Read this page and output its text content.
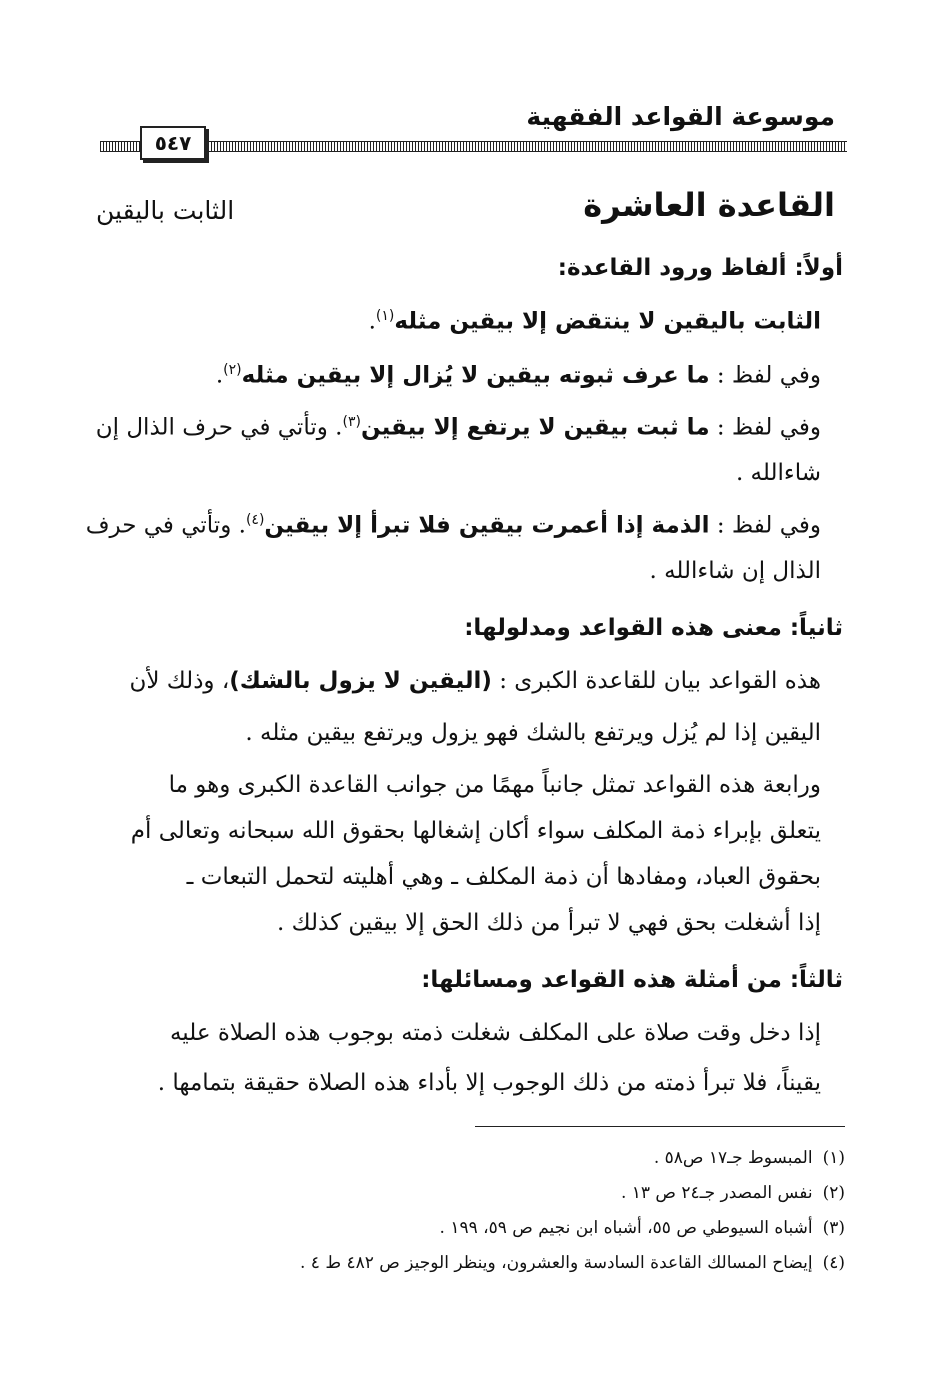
موسوعة القواعد الفقهية
٥٤٧
القاعدة العاشرة
الثابت باليقين
أولاً: ألفاظ ورود القاعدة:
الثابت باليقين لا ينتقض إلا بيقين مثله$^{(١)}$.
وفي لفظ : ما عرف ثبوته بيقين لا يُزال إلا بيقين مثله$^{(٢)}$.
وفي لفظ : ما ثبت بيقين لا يرتفع إلا بيقين$^{(٣)}$. وتأتي في حرف الذال إن
شاءالله .
وفي لفظ : الذمة إذا أعمرت بيقين فلا تبرأ إلا بيقين$^{(٤)}$. وتأتي في حرف
الذال إن شاءالله .
ثانياً: معنى هذه القواعد ومدلولها:
هذه القواعد بيان للقاعدة الكبرى : (اليقين لا يزول بالشك)، وذلك لأن
اليقين إذا لم يُزل ويرتفع بالشك فهو يزول ويرتفع بيقين مثله .
ورابعة هذه القواعد تمثل جانباً مهمًا من جوانب القاعدة الكبرى وهو ما
يتعلق بإبراء ذمة المكلف سواء أكان إشغالها بحقوق الله سبحانه وتعالى أم
بحقوق العباد، ومفادها أن ذمة المكلف ـ وهي أهليته لتحمل التبعات ـ
إذا أشغلت بحق فهي لا تبرأ من ذلك الحق إلا بيقين كذلك .
ثالثاً: من أمثلة هذه القواعد ومسائلها:
إذا دخل وقت صلاة على المكلف شغلت ذمته بوجوب هذه الصلاة عليه
يقيناً، فلا تبرأ ذمته من ذلك الوجوب إلا بأداء هذه الصلاة حقيقة بتمامها .
(١)المبسوط جـ١٧ ص٥٨ .
(٢)نفس المصدر جـ٢٤ ص ١٣ .
(٣)أشباه السيوطي ص ٥٥، أشباه ابن نجيم ص ٥٩، ١٩٩ .
(٤)إيضاح المسالك القاعدة السادسة والعشرون، وينظر الوجيز ص ٤٨٢ ط ٤ .
